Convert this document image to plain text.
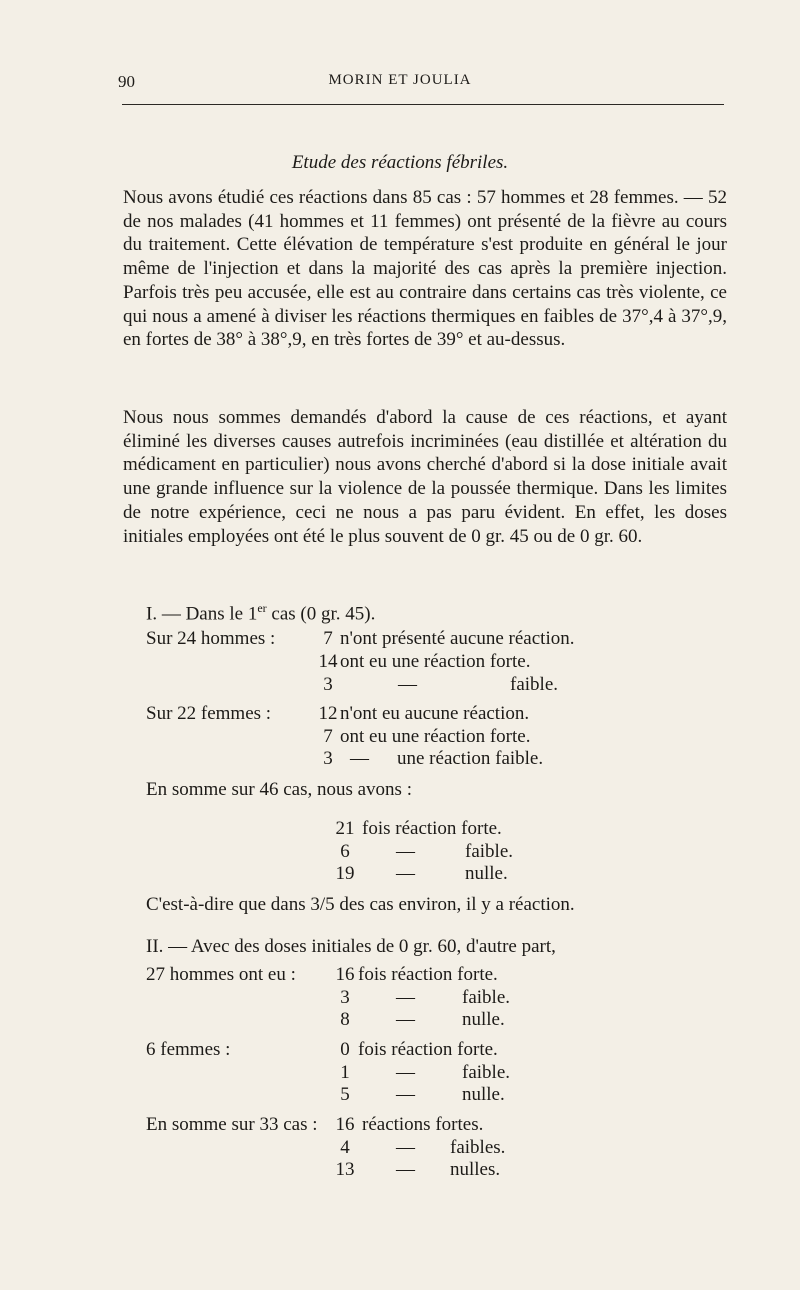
90	MORIN ET JOULIA
Etude des réactions fébriles.
Nous avons étudié ces réactions dans 85 cas : 57 hommes et 28 femmes. — 52 de nos malades (41 hommes et 11 femmes) ont présenté de la fièvre au cours du traitement. Cette élévation de température s'est produite en général le jour même de l'injection et dans la majorité des cas après la première injection. Parfois très peu accusée, elle est au contraire dans certains cas très violente, ce qui nous a amené à diviser les réactions thermiques en faibles de 37°,4 à 37°,9, en fortes de 38° à 38°,9, en très fortes de 39° et au-dessus.
Nous nous sommes demandés d'abord la cause de ces réactions, et ayant éliminé les diverses causes autrefois incriminées (eau distillée et altération du médicament en particulier) nous avons cherché d'abord si la dose initiale avait une grande influence sur la violence de la poussée thermique. Dans les limites de notre expérience, ceci ne nous a pas paru évident. En effet, les doses initiales employées ont été le plus souvent de 0 gr. 45 ou de 0 gr. 60.
I. — Dans le 1er cas (0 gr. 45).
Sur 24 hommes :	7 n'ont présenté aucune réaction.
14 ont eu une réaction forte.
3	—	faible.
Sur 22 femmes : 12 n'ont eu aucune réaction.
7 ont eu une réaction forte.
3 — une réaction faible.
En somme sur 46 cas, nous avons :
21 fois réaction forte.
6	—	faible.
19 —	nulle.
C'est-à-dire que dans 3/5 des cas environ, il y a réaction.
II. — Avec des doses initiales de 0 gr. 60, d'autre part,
27 hommes ont eu : 16 fois réaction forte.
3	— faible.
8	— nulle.
6 femmes :	0 fois réaction forte.
1	— faible.
5	— nulle.
En somme sur 33 cas : 16 réactions fortes.
4	— faibles.
13 — nulles.
